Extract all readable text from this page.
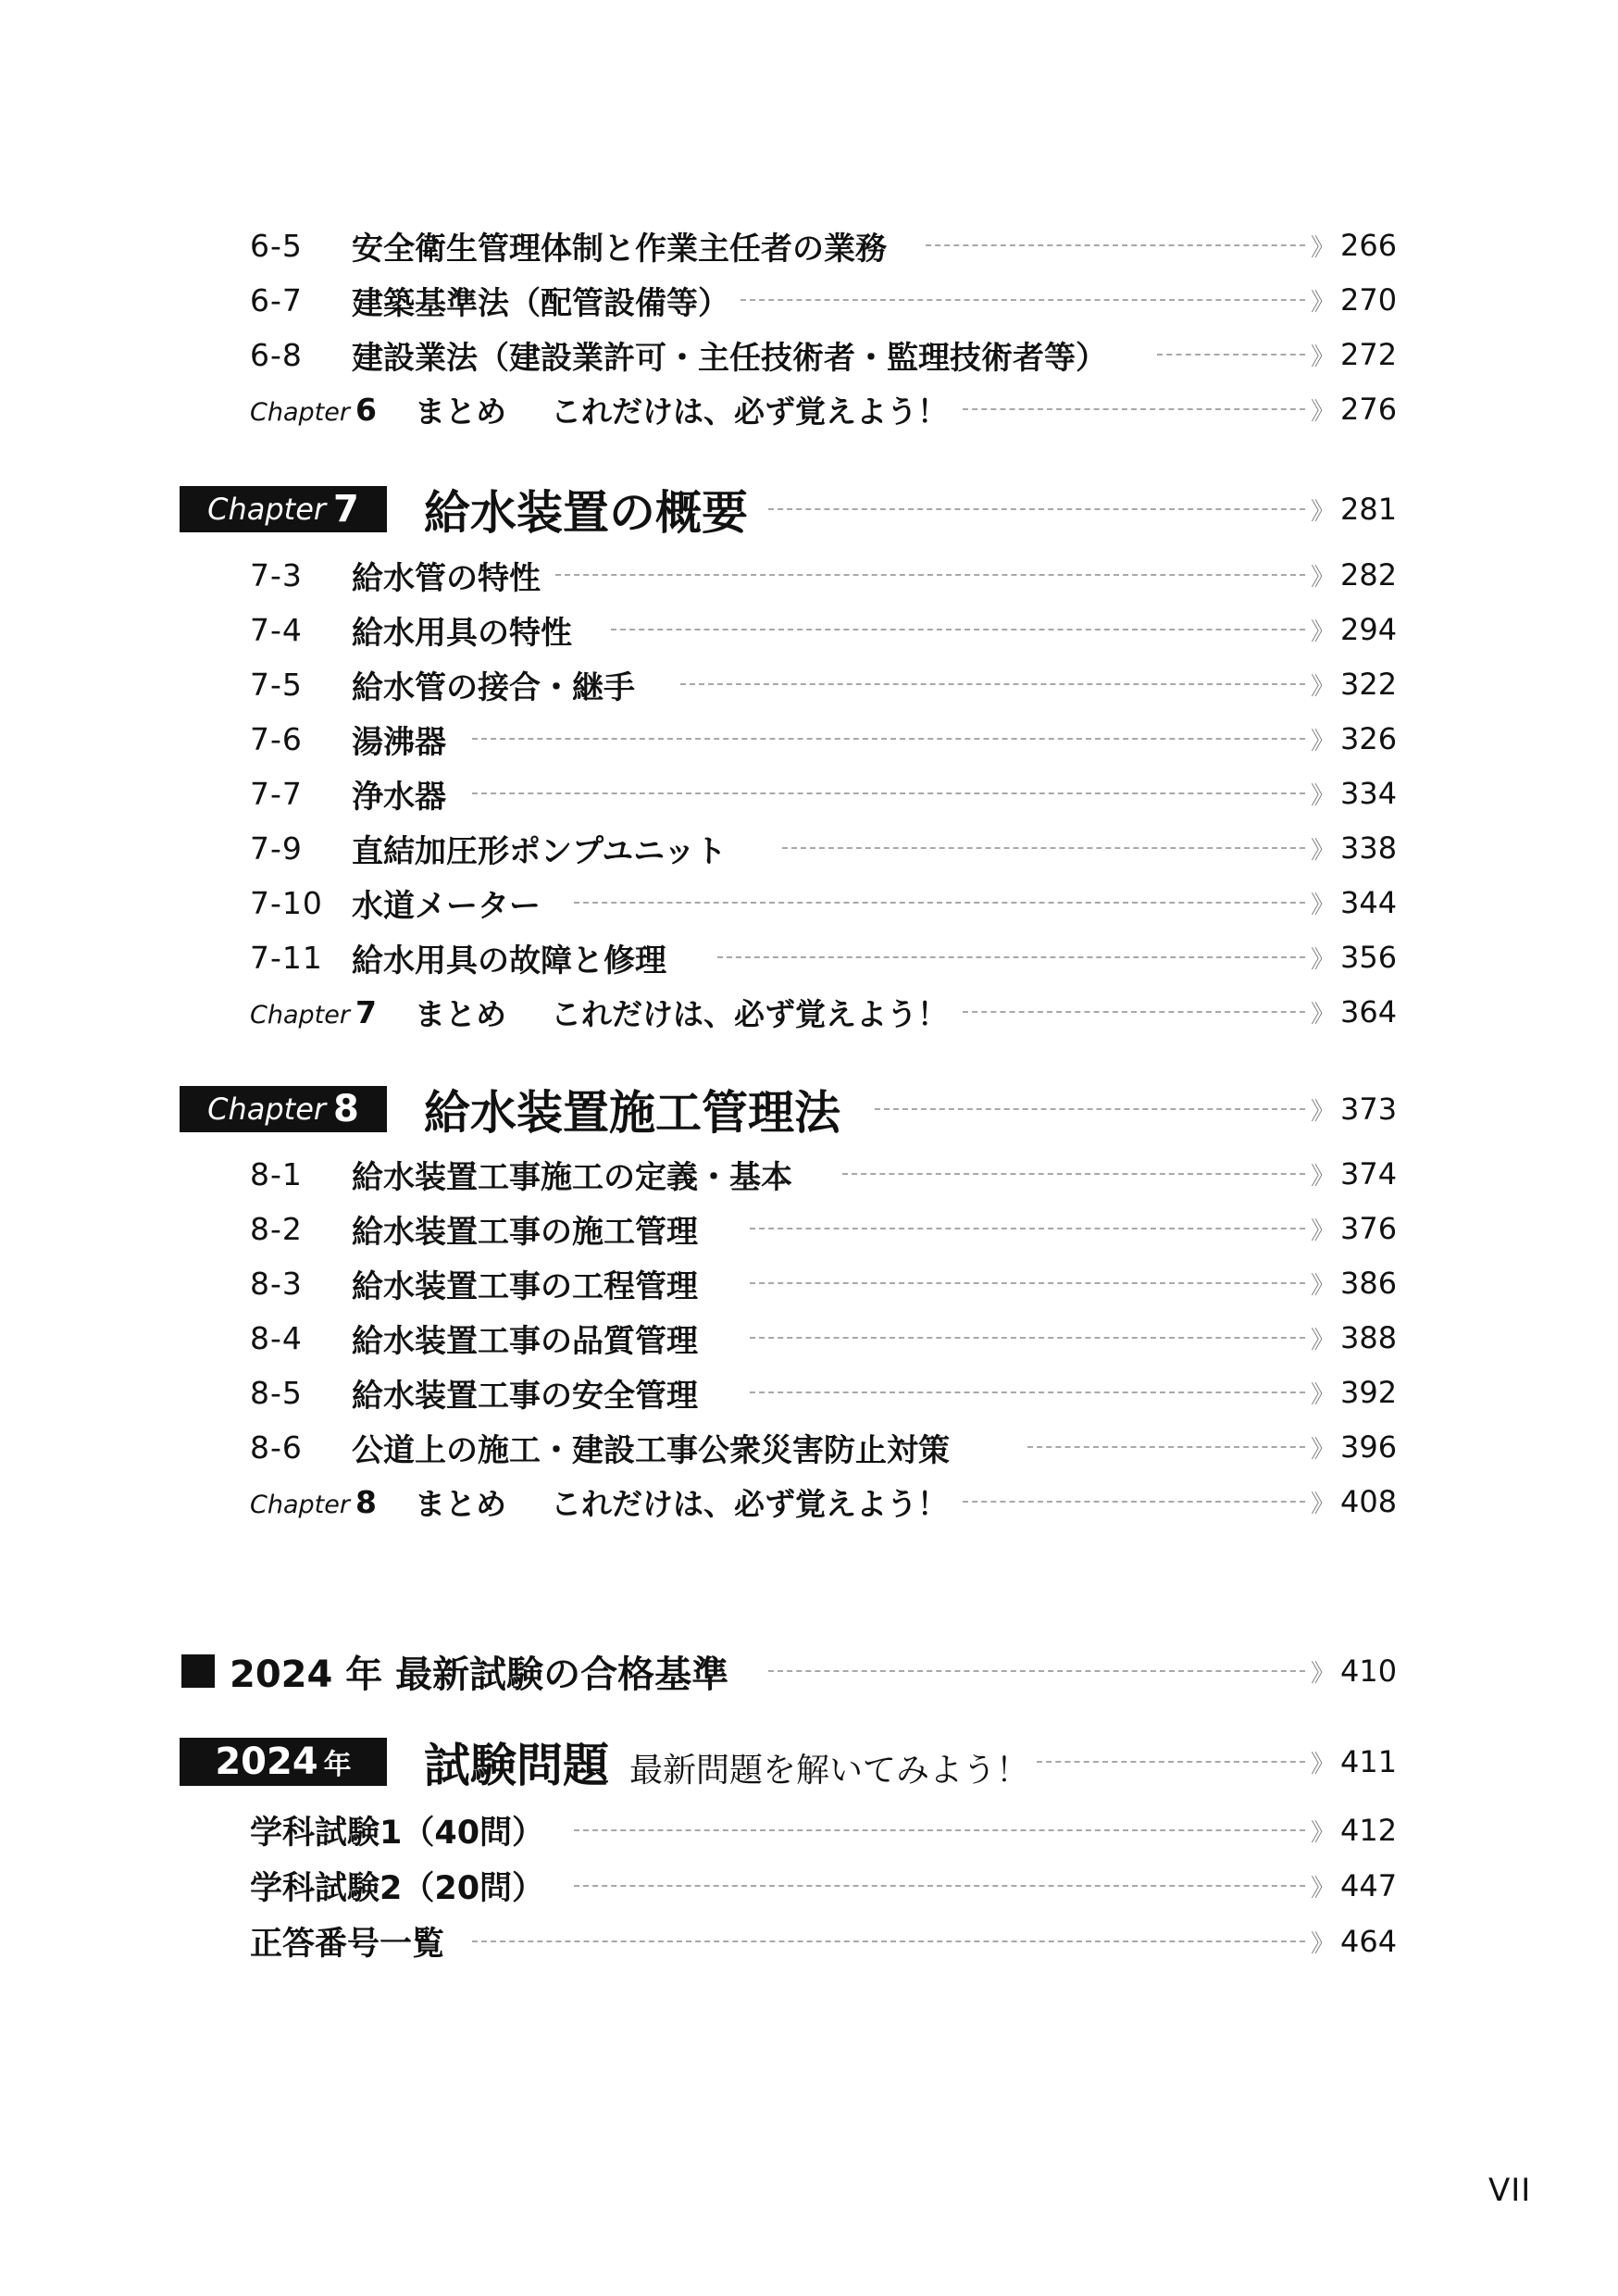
6-5 安全衛生管理体制と作業主任者の業務	》 266
6-7 建築基準法（配管設備等）	》 270
6-8 建設業法（建設業許可・主任技術者・監理技術者等）	》 272
Chapter 6 まとめ これだけは、必ず覚えよう！	》 276
Chapter 7 給水装置の概要	》 281
7-3 給水管の特性	》 282
7-4 給水用具の特性	》 294
7-5 給水管の接合・継手	》 322
7-6 湯沸器	》 326
7-7 浄水器	》 334
7-9 直結加圧形ポンプユニット	》 338
7-10 水道メーター	》 344
7-11 給水用具の故障と修理	》 356
Chapter 7 まとめ これだけは、必ず覚えよう！	》 364
Chapter 8 給水装置施工管理法	》 373
8-1 給水装置工事施工の定義・基本	》 374
8-2 給水装置工事の施工管理	》 376
8-3 給水装置工事の工程管理	》 386
8-4 給水装置工事の品質管理	》 388
8-5 給水装置工事の安全管理	》 392
8-6 公道上の施工・建設工事公衆災害防止対策	》 396
Chapter 8 まとめ これだけは、必ず覚えよう！	》 408
2024 年 最新試験の合格基準	》 410
2024 年 試験問題 最新問題を解いてみよう！	》 411
学科試験1（40問）	》 412
学科試験2（20問）	》 447
正答番号一覧	》 464
VII
